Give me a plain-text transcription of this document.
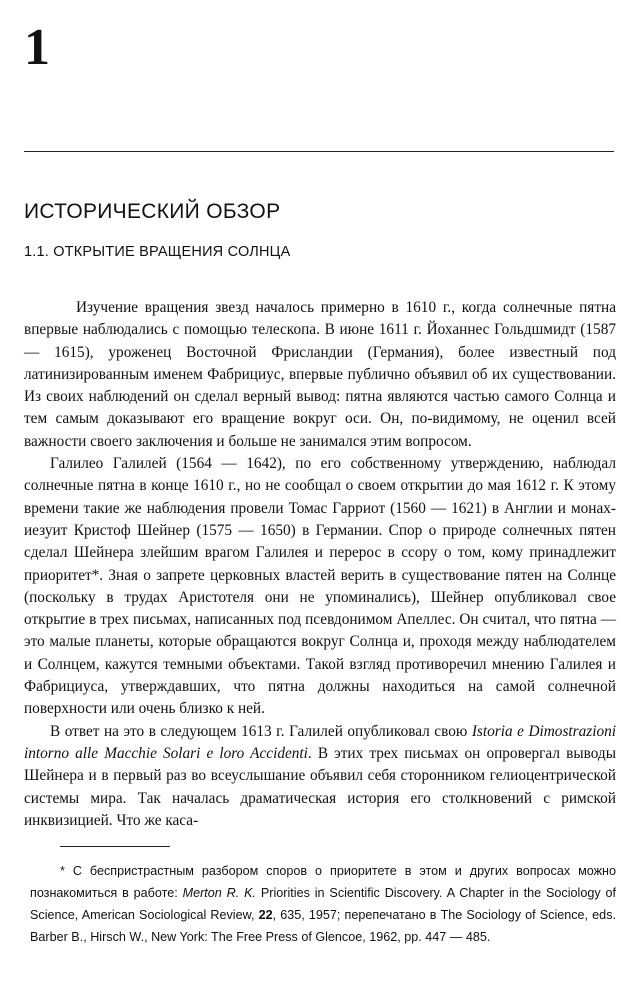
1
ИСТОРИЧЕСКИЙ ОБЗОР
1.1. ОТКРЫТИЕ ВРАЩЕНИЯ СОЛНЦА

Изучение вращения звезд началось примерно в 1610 г., когда солнечные пятна впервые наблюдались с помощью телескопа. В июне 1611 г. Йоханнес Гольдшмидт (1587 — 1615), уроженец Восточной Фрисландии (Германия), более известный под латинизированным именем Фабрициус, впервые публично объявил об их существовании. Из своих наблюдений он сделал верный вывод: пятна являются частью самого Солнца и тем самым доказывают его вращение вокруг оси. Он, по-видимому, не оценил всей важности своего заключения и больше не занимался этим вопросом.

Галилео Галилей (1564 — 1642), по его собственному утверждению, наблюдал солнечные пятна в конце 1610 г., но не сообщал о своем открытии до мая 1612 г. К этому времени такие же наблюдения провели Томас Гарриот (1560 — 1621) в Англии и монах-иезуит Кристоф Шейнер (1575 — 1650) в Германии. Спор о природе солнечных пятен сделал Шейнера злейшим врагом Галилея и перерос в ссору о том, кому принадлежит приоритет*. Зная о запрете церковных властей верить в существование пятен на Солнце (поскольку в трудах Аристотеля они не упоминались), Шейнер опубликовал свое открытие в трех письмах, написанных под псевдонимом Апеллес. Он считал, что пятна — это малые планеты, которые обращаются вокруг Солнца и, проходя между наблюдателем и Солнцем, кажутся темными объектами. Такой взгляд противоречил мнению Галилея и Фабрициуса, утверждавших, что пятна должны находиться на самой солнечной поверхности или очень близко к ней.

В ответ на это в следующем 1613 г. Галилей опубликовал свою Istoria e Dimostrazioni intorno alle Macchie Solari e loro Accidenti. В этих трех письмах он опровергал выводы Шейнера и в первый раз во всеуслышание объявил себя сторонником гелиоцентрической системы мира. Так началась драматическая история его столкновений с римской инквизицией. Что же каса-

* С беспристрастным разбором споров о приоритете в этом и других вопросах можно познакомиться в работе: Merton R. K. Priorities in Scientific Discovery. A Chapter in the Sociology of Science, American Sociological Review, 22, 635, 1957; перепечатано в The Sociology of Science, eds. Barber B., Hirsch W., New York: The Free Press of Glencoe, 1962, pp. 447 — 485.
